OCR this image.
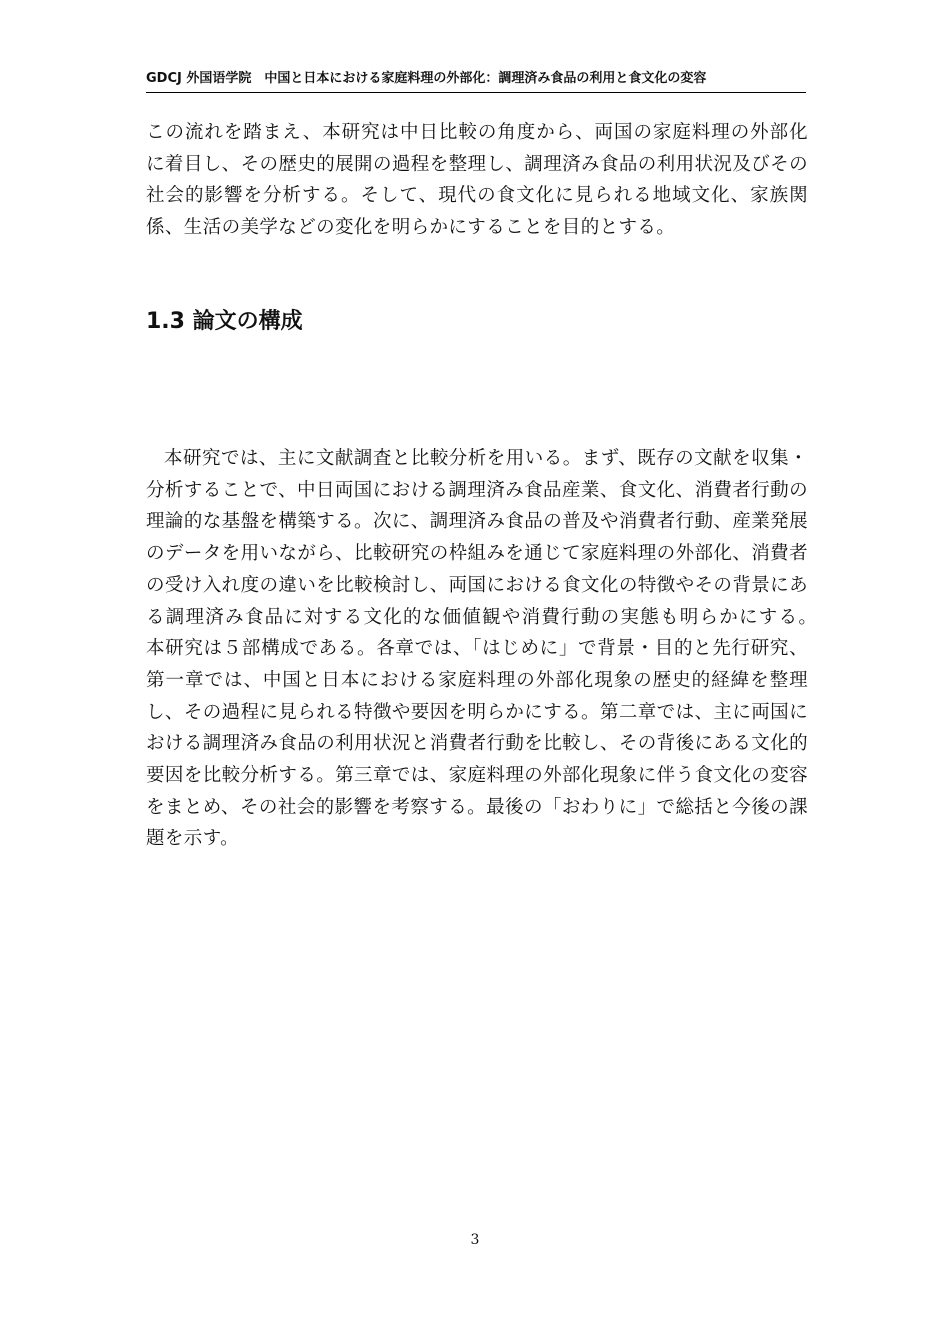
GDCJ 外国语学院　中国と日本における家庭料理の外部化：調理済み食品の利用と食文化の変容

この流れを踏まえ、本研究は中日比較の角度から、両国の家庭料理の外部化に着目し、その歴史的展開の過程を整理し、調理済み食品の利用状況及びその社会的影響を分析する。そして、現代の食文化に見られる地域文化、家族関係、生活の美学などの変化を明らかにすることを目的とする。

1.3 論文の構成

本研究では、主に文献調査と比較分析を用いる。まず、既存の文献を収集・分析することで、中日両国における調理済み食品産業、食文化、消費者行動の理論的な基盤を構築する。次に、調理済み食品の普及や消費者行動、産業発展のデータを用いながら、比較研究の枠組みを通じて家庭料理の外部化、消費者の受け入れ度の違いを比較検討し、両国における食文化の特徴やその背景にある調理済み食品に対する文化的な価値観や消費行動の実態も明らかにする。　本研究は５部構成である。各章では、「はじめに」で背景・目的と先行研究、第一章では、中国と日本における家庭料理の外部化現象の歴史的経緯を整理し、その過程に見られる特徴や要因を明らかにする。第二章では、主に両国における調理済み食品の利用状況と消費者行動を比較し、その背後にある文化的要因を比較分析する。第三章では、家庭料理の外部化現象に伴う食文化の変容をまとめ、その社会的影響を考察する。最後の「おわりに」で総括と今後の課題を示す。

3
